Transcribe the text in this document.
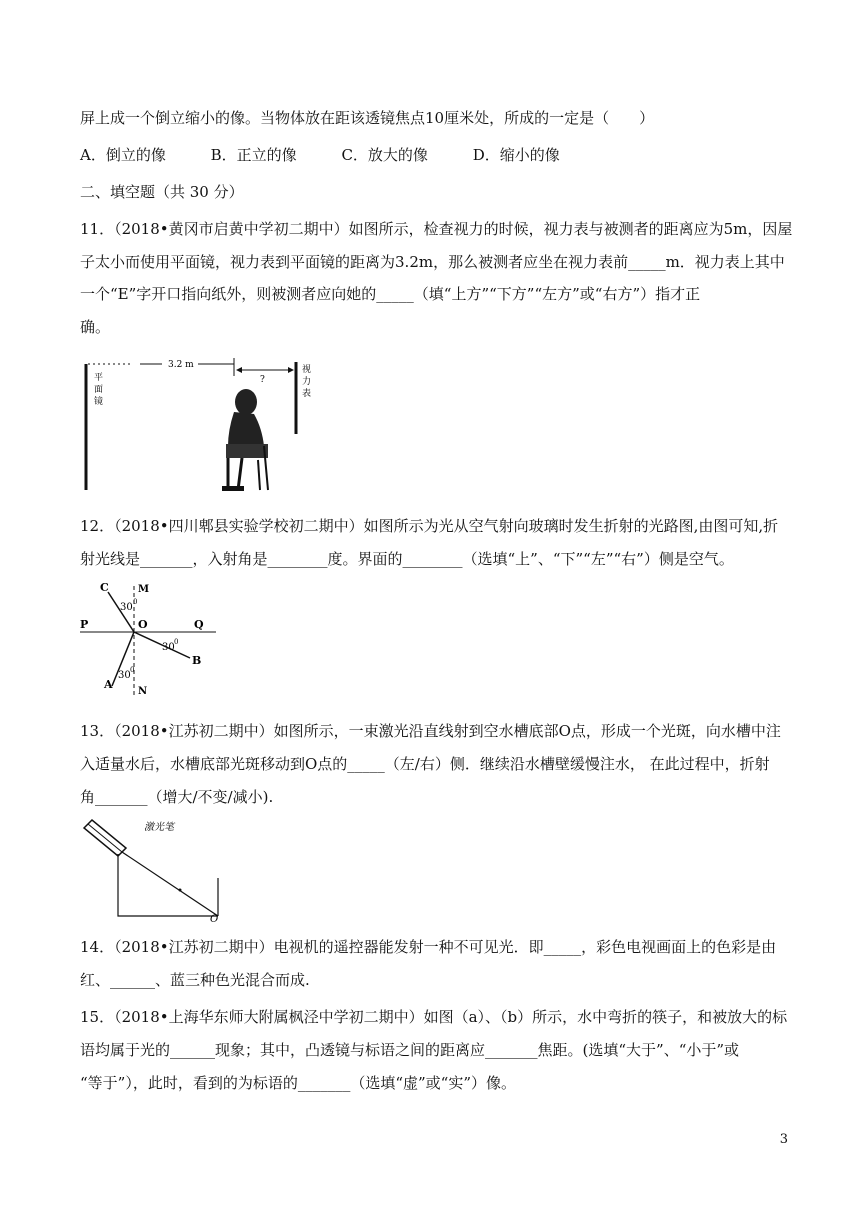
屏上成一个倒立缩小的像。当物体放在距该透镜焦点10厘米处，所成的一定是（　　）
A．倒立的像	B．正立的像	C．放大的像	D．缩小的像
二、填空题（共 30 分）
11．（2018•黄冈市启黄中学初二期中）如图所示，检查视力的时候，视力表与被测者的距离应为5m，因屋
子太小而使用平面镜，视力表到平面镜的距离为3.2m，那么被测者应坐在视力表前_____m．视力表上其中
一个“E”字开口指向纸外，则被测者应向她的_____（填“上方”“下方”“左方”或“右方”）指才正
确。
平
面
镜
3.2 m
?
视
力
表
12．（2018•四川郫县实验学校初二期中）如图所示为光从空气射向玻璃时发生折射的光路图,由图可知,折
射光线是_______，入射角是________度。界面的________（选填“上”、“下”“左”“右”）侧是空气。
C	M
30 0
P	O	Q
30 0
B
A
30 0
N
13．（2018•江苏初二期中）如图所示，一束激光沿直线射到空水槽底部O点，形成一个光斑，向水槽中注
入适量水后，水槽底部光斑移动到O点的_____（左/右）侧．继续沿水槽壁缓慢注水， 在此过程中，折射
角_______（增大/不变/减小).
激光笔
O
14．（2018•江苏初二期中）电视机的遥控器能发射一种不可见光．即_____，彩色电视画面上的色彩是由
红、______、蓝三种色光混合而成.
15．（2018•上海华东师大附属枫泾中学初二期中）如图（a）、（b）所示，水中弯折的筷子，和被放大的标
语均属于光的______现象；其中，凸透镜与标语之间的距离应_______焦距。(选填“大于”、“小于”或
“等于”），此时，看到的为标语的_______（选填“虚”或“实”）像。
3
